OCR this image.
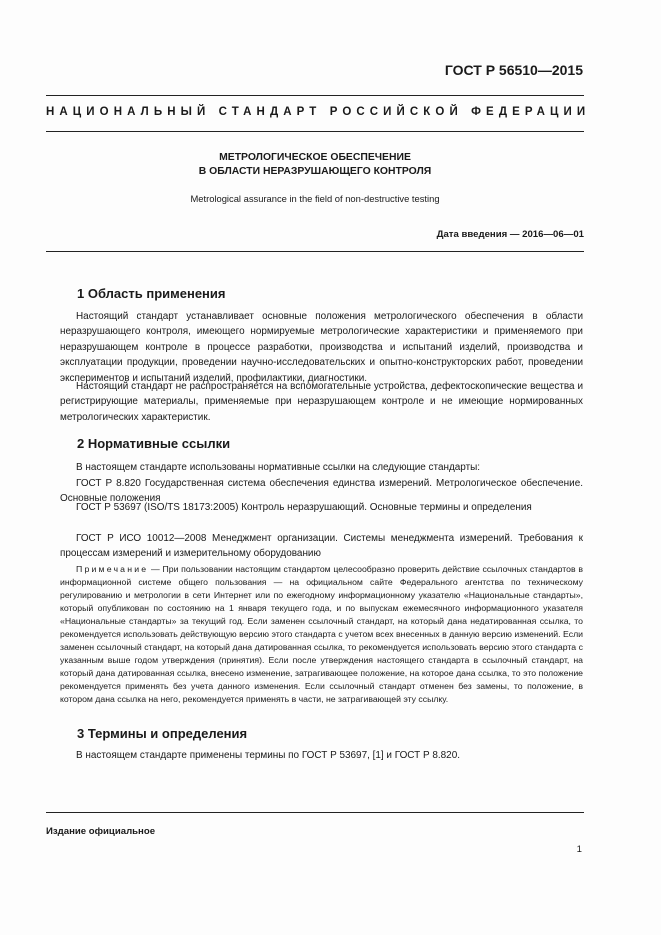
ГОСТ Р 56510—2015
НАЦИОНАЛЬНЫЙ СТАНДАРТ РОССИЙСКОЙ ФЕДЕРАЦИИ
МЕТРОЛОГИЧЕСКОЕ ОБЕСПЕЧЕНИЕ
В ОБЛАСТИ НЕРАЗРУШАЮЩЕГО КОНТРОЛЯ
Metrological assurance in the field of non-destructive testing
Дата введения — 2016—06—01
1 Область применения

Настоящий стандарт устанавливает основные положения метрологического обеспечения в области неразрушающего контроля, имеющего нормируемые метрологические характеристики и применяемого при неразрушающем контроле в процессе разработки, производства и испытаний изделий, производства и эксплуатации продукции, проведении научно-исследовательских и опытно-конструкторских работ, проведении экспериментов и испытаний изделий, профилактики, диагностики.

Настоящий стандарт не распространяется на вспомогательные устройства, дефектоскопические вещества и регистрирующие материалы, применяемые при неразрушающем контроле и не имеющие нормированных метрологических характеристик.

2 Нормативные ссылки

В настоящем стандарте использованы нормативные ссылки на следующие стандарты:

ГОСТ Р 8.820 Государственная система обеспечения единства измерений. Метрологическое обеспечение. Основные положения

ГОСТ Р 53697 (ISO/TS 18173:2005) Контроль неразрушающий. Основные термины и определения

ГОСТ Р ИСО 10012—2008 Менеджмент организации. Системы менеджмента измерений. Требования к процессам измерений и измерительному оборудованию

Примечание — При пользовании настоящим стандартом целесообразно проверить действие ссылочных стандартов в информационной системе общего пользования — на официальном сайте Федерального агентства по техническому регулированию и метрологии в сети Интернет или по ежегодному информационному указателю «Национальные стандарты», который опубликован по состоянию на 1 января текущего года, и по выпускам ежемесячного информационного указателя «Национальные стандарты» за текущий год. Если заменен ссылочный стандарт, на который дана недатированная ссылка, то рекомендуется использовать действующую версию этого стандарта с учетом всех внесенных в данную версию изменений. Если заменен ссылочный стандарт, на который дана датированная ссылка, то рекомендуется использовать версию этого стандарта с указанным выше годом утверждения (принятия). Если после утверждения настоящего стандарта в ссылочный стандарт, на который дана датированная ссылка, внесено изменение, затрагивающее положение, на которое дана ссылка, то это положение рекомендуется применять без учета данного изменения. Если ссылочный стандарт отменен без замены, то положение, в котором дана ссылка на него, рекомендуется применять в части, не затрагивающей эту ссылку.

3 Термины и определения

В настоящем стандарте применены термины по ГОСТ Р 53697, [1] и ГОСТ Р 8.820.

Издание официальное
1
